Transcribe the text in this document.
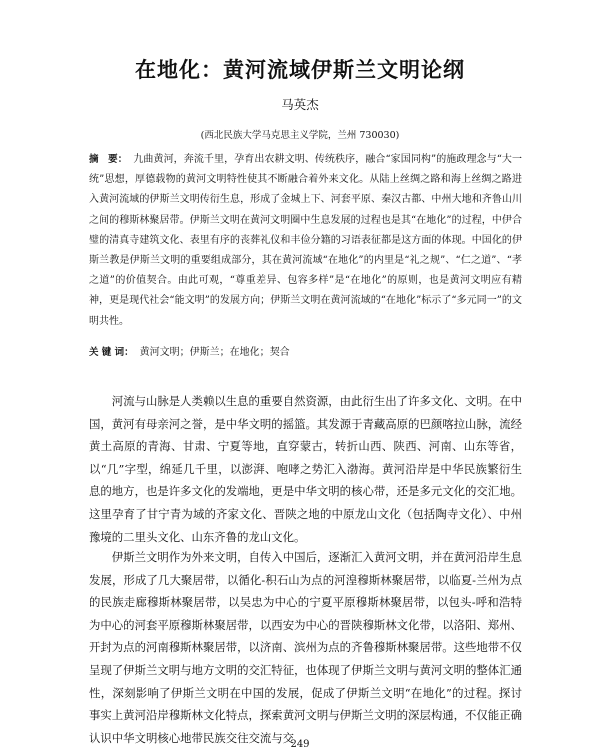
在地化：黄河流域伊斯兰文明论纲
马英杰
(西北民族大学马克思主义学院，兰州 730030)

摘　要： 九曲黄河，奔流千里，孕育出农耕文明、传统秩序，融合“家国同构”的施政理念与“大一统”思想，厚德载物的黄河文明特性使其不断融合着外来文化。从陆上丝绸之路和海上丝绸之路进入黄河流域的伊斯兰文明传衍生息，形成了金城上下、河套平原、秦汉古都、中州大地和齐鲁山川之间的穆斯林聚居带。伊斯兰文明在黄河文明圈中生息发展的过程也是其“在地化”的过程，中伊合璧的清真寺建筑文化、表里有序的丧葬礼仪和丰俭分籍的习语表征都是这方面的体现。中国化的伊斯兰教是伊斯兰文明的重要组成部分，其在黄河流域“在地化”的内里是“礼之规”、“仁之道”、“孝之道”的价值契合。由此可观，“尊重差异、包容多样”是“在地化”的原则，也是黄河文明应有精神，更是现代社会“能文明”的发展方向；伊斯兰文明在黄河流域的“在地化”标示了“多元同一”的文明共性。

关 键 词： 黄河文明；伊斯兰；在地化；契合

河流与山脉是人类赖以生息的重要自然资源，由此衍生出了许多文化、文明。在中国，黄河有母亲河之誉，是中华文明的摇篮。其发源于青藏高原的巴颜喀拉山脉，流经黄土高原的青海、甘肃、宁夏等地，直穿蒙古，转折山西、陕西、河南、山东等省，以“几”字型，绵延几千里，以澎湃、咆哮之势汇入渤海。黄河沿岸是中华民族繁衍生息的地方，也是许多文化的发端地，更是中华文明的核心带，还是多元文化的交汇地。这里孕育了甘宁青为域的齐家文化、晋陕之地的中原龙山文化（包括陶寺文化）、中州豫境的二里头文化、山东齐鲁的龙山文化。

伊斯兰文明作为外来文明，自传入中国后，逐渐汇入黄河文明，并在黄河沿岸生息发展，形成了几大聚居带，以循化-积石山为点的河湟穆斯林聚居带，以临夏-兰州为点的民族走廊穆斯林聚居带，以吴忠为中心的宁夏平原穆斯林聚居带，以包头-呼和浩特为中心的河套平原穆斯林聚居带，以西安为中心的晋陕穆斯林文化带，以洛阳、郑州、开封为点的河南穆斯林聚居带，以济南、滨州为点的齐鲁穆斯林聚居带。这些地带不仅呈现了伊斯兰文明与地方文明的交汇特征，也体现了伊斯兰文明与黄河文明的整体汇通性，深刻影响了伊斯兰文明在中国的发展，促成了伊斯兰文明“在地化”的过程。探讨事实上黄河沿岸穆斯林文化特点，探索黄河文明与伊斯兰文明的深层构通，不仅能正确认识中华文明核心地带民族交往交流与交

249
